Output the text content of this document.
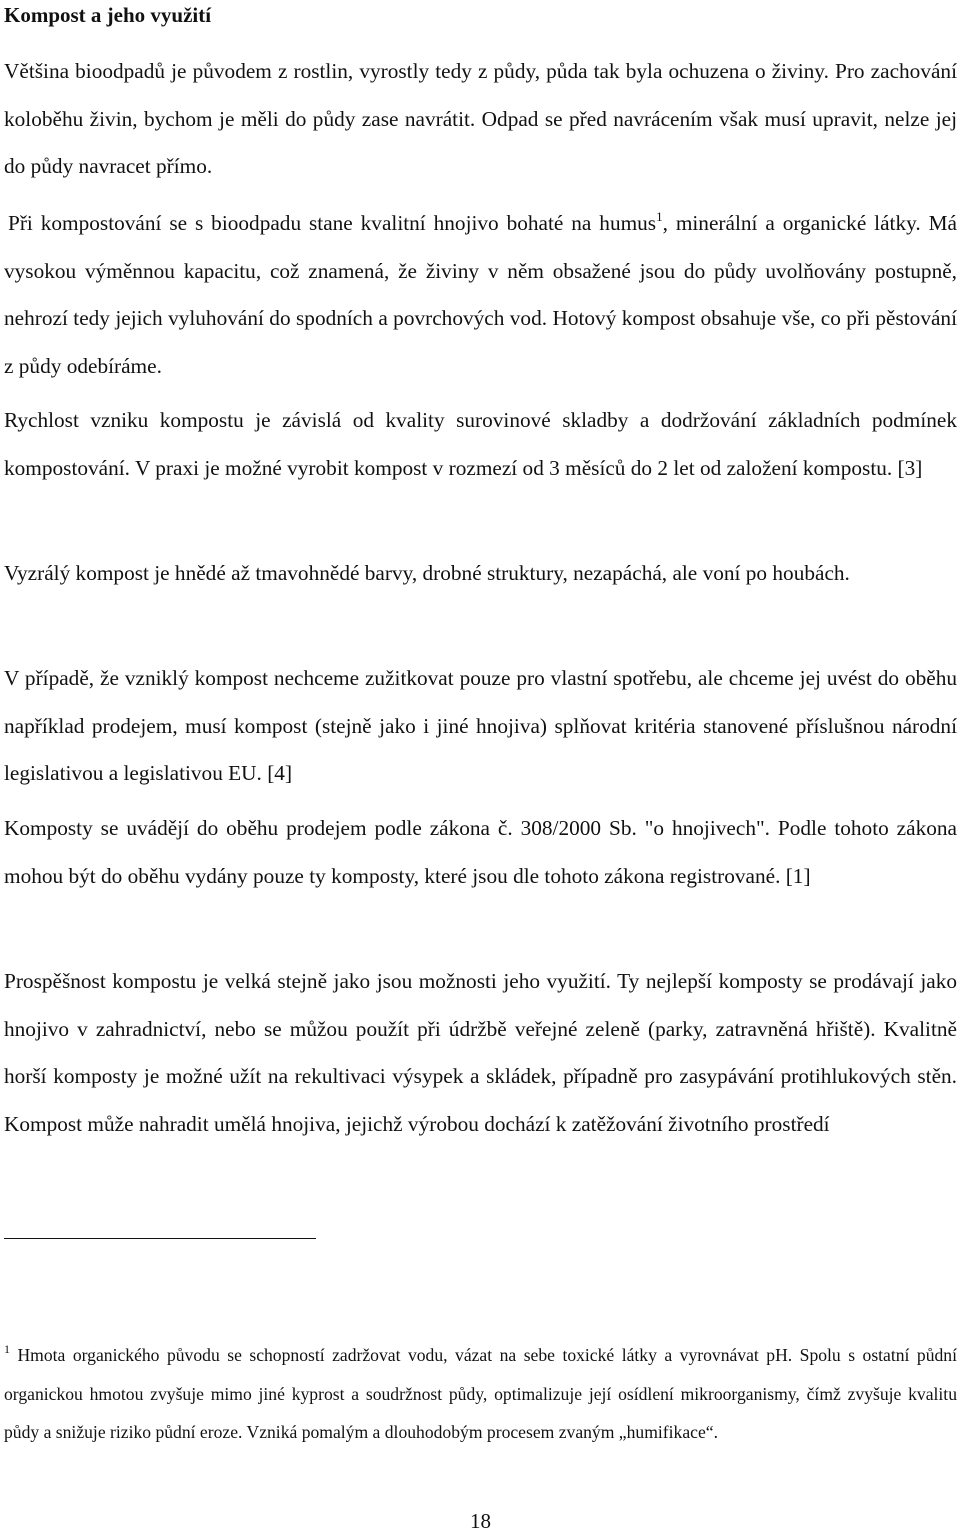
Kompost a jeho využití

Většina bioodpadů je původem z rostlin, vyrostly tedy z půdy, půda tak byla ochuzena o živiny. Pro zachování koloběhu živin, bychom je měli do půdy zase navrátit. Odpad se před navrácením však musí upravit, nelze jej do půdy navracet přímo.

Při kompostování se s bioodpadu stane kvalitní hnojivo bohaté na humus$^1$, minerální a organické látky. Má vysokou výměnnou kapacitu, což znamená, že živiny v něm obsažené jsou do půdy uvolňovány postupně, nehrozí tedy jejich vyluhování do spodních a povrchových vod. Hotový kompost obsahuje vše, co při pěstování z půdy odebíráme.

Rychlost vzniku kompostu je závislá od kvality surovinové skladby a dodržování základních podmínek kompostování. V praxi je možné vyrobit kompost v rozmezí od 3 měsíců do 2 let od založení kompostu. [3]

Vyzrálý kompost je hnědé až tmavohnědé barvy, drobné struktury, nezapáchá, ale voní po houbách.

V případě, že vzniklý kompost nechceme zužitkovat pouze pro vlastní spotřebu, ale chceme jej uvést do oběhu například prodejem, musí kompost (stejně jako i jiné hnojiva) splňovat kritéria stanovené příslušnou národní legislativou a legislativou EU. [4]

Komposty se uvádějí do oběhu prodejem podle zákona č. 308/2000 Sb. "o hnojivech". Podle tohoto zákona mohou být do oběhu vydány pouze ty komposty, které jsou dle tohoto zákona registrované. [1]

Prospěšnost kompostu je velká stejně jako jsou možnosti jeho využití. Ty nejlepší komposty se prodávají jako hnojivo v zahradnictví, nebo se můžou použít při údržbě veřejné zeleně (parky, zatravněná hřiště). Kvalitně horší komposty je možné užít na rekultivaci výsypek a skládek, případně pro zasypávání protihlukových stěn. Kompost může nahradit umělá hnojiva, jejichž výrobou dochází k zatěžování životního prostředí

$^1$ Hmota organického původu se schopností zadržovat vodu, vázat na sebe toxické látky a vyrovnávat pH. Spolu s ostatní půdní organickou hmotou zvyšuje mimo jiné kyprost a soudržnost půdy, optimalizuje její osídlení mikroorganismy, čímž zvyšuje kvalitu půdy a snižuje riziko půdní eroze. Vzniká pomalým a dlouhodobým procesem zvaným „humifikace“.

18
